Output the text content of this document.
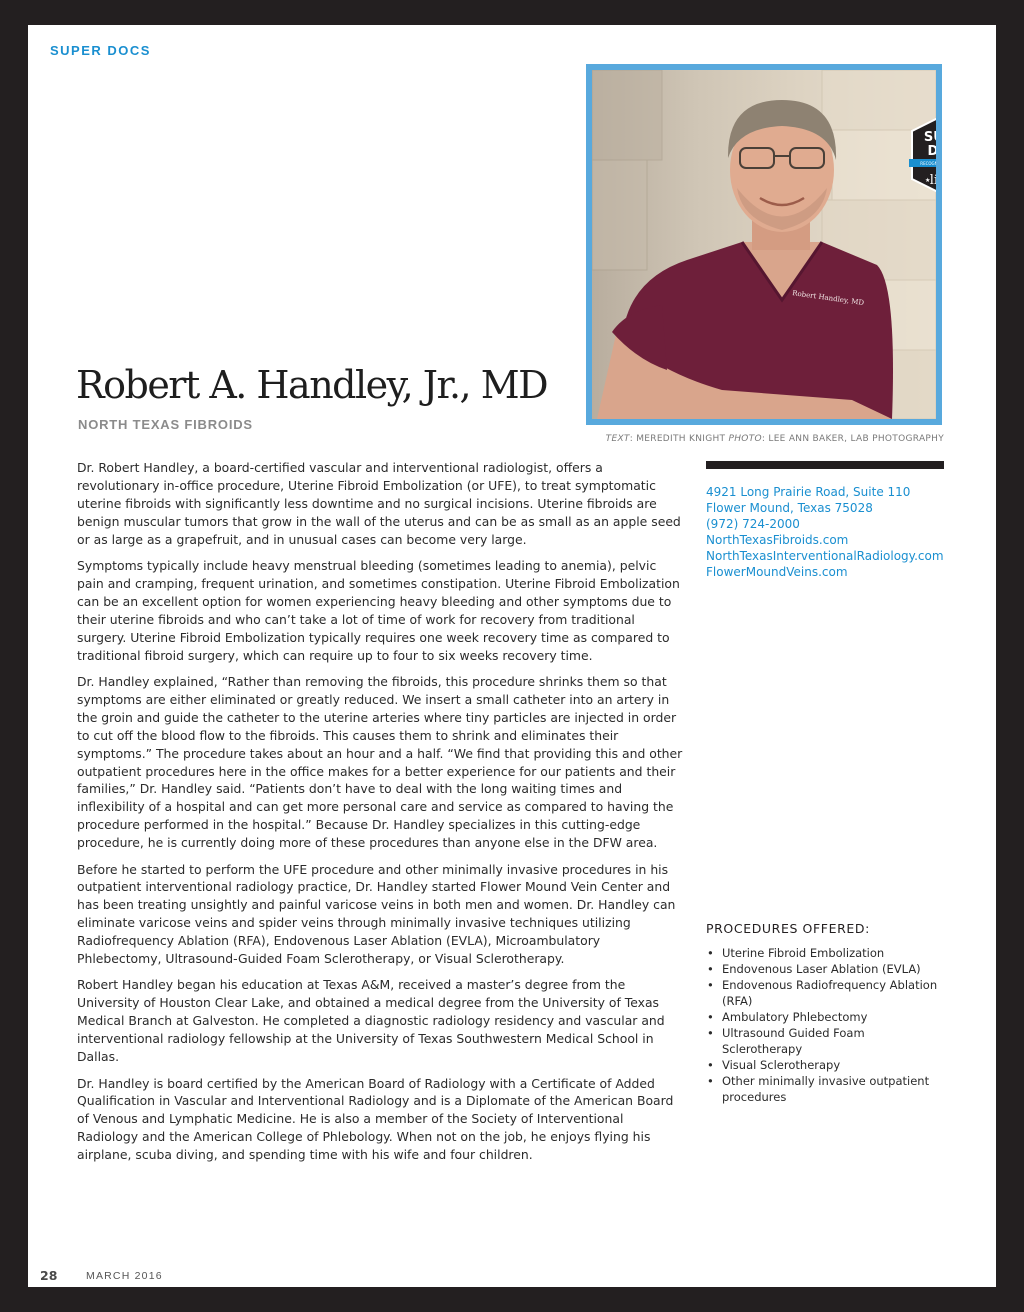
SUPER DOCS
Robert Handley, MD
2016
SUPER
DOCS
RECOGNIZING EXCELLENCE
living
★	★
Robert A. Handley, Jr., MD
NORTH TEXAS FIBROIDS
TEXT: MEREDITH KNIGHT PHOTO: LEE ANN BAKER, LAB PHOTOGRAPHY

Dr. Robert Handley, a board-certified vascular and interventional radiologist, offers a revolutionary in-office procedure, Uterine Fibroid Embolization (or UFE), to treat symptomatic uterine fibroids with significantly less downtime and no surgical incisions. Uterine fibroids are benign muscular tumors that grow in the wall of the uterus and can be as small as an apple seed or as large as a grapefruit, and in unusual cases can become very large.

Symptoms typically include heavy menstrual bleeding (sometimes leading to anemia), pelvic pain and cramping, frequent urination, and sometimes constipation. Uterine Fibroid Embolization can be an excellent option for women experiencing heavy bleeding and other symptoms due to their uterine fibroids and who can’t take a lot of time of work for recovery from traditional surgery. Uterine Fibroid Embolization typically requires one week recovery time as compared to traditional fibroid surgery, which can require up to four to six weeks recovery time.

Dr. Handley explained, “Rather than removing the fibroids, this procedure shrinks them so that symptoms are either eliminated or greatly reduced. We insert a small catheter into an artery in the groin and guide the catheter to the uterine arteries where tiny particles are injected in order to cut off the blood flow to the fibroids. This causes them to shrink and eliminates their symptoms.” The procedure takes about an hour and a half. “We find that providing this and other outpatient procedures here in the office makes for a better experience for our patients and their families,” Dr. Handley said. “Patients don’t have to deal with the long waiting times and inflexibility of a hospital and can get more personal care and service as compared to having the procedure performed in the hospital.” Because Dr. Handley specializes in this cutting-edge procedure, he is currently doing more of these procedures than anyone else in the DFW area.

Before he started to perform the UFE procedure and other minimally invasive procedures in his outpatient interventional radiology practice, Dr. Handley started Flower Mound Vein Center and has been treating unsightly and painful varicose veins in both men and women. Dr. Handley can eliminate varicose veins and spider veins through minimally invasive techniques utilizing Radiofrequency Ablation (RFA), Endovenous Laser Ablation (EVLA), Microambulatory Phlebectomy, Ultrasound-Guided Foam Sclerotherapy, or Visual Sclerotherapy.

Robert Handley began his education at Texas A&M, received a master’s degree from the University of Houston Clear Lake, and obtained a medical degree from the University of Texas Medical Branch at Galveston. He completed a diagnostic radiology residency and vascular and interventional radiology fellowship at the University of Texas Southwestern Medical School in Dallas.

Dr. Handley is board certified by the American Board of Radiology with a Certificate of Added Qualification in Vascular and Interventional Radiology and is a Diplomate of the American Board of Venous and Lymphatic Medicine. He is also a member of the Society of Interventional Radiology and the American College of Phlebology. When not on the job, he enjoys flying his airplane, scuba diving, and spending time with his wife and four children.

4921 Long Prairie Road, Suite 110
Flower Mound, Texas 75028
(972) 724-2000
NorthTexasFibroids.com
NorthTexasInterventionalRadiology.com
FlowerMoundVeins.com
PROCEDURES OFFERED:
• Uterine Fibroid Embolization
• Endovenous Laser Ablation (EVLA)
• Endovenous Radiofrequency Ablation (RFA)
• Ambulatory Phlebectomy
• Ultrasound Guided Foam Sclerotherapy
• Visual Sclerotherapy
• Other minimally invasive outpatient procedures
28	MARCH 2016
